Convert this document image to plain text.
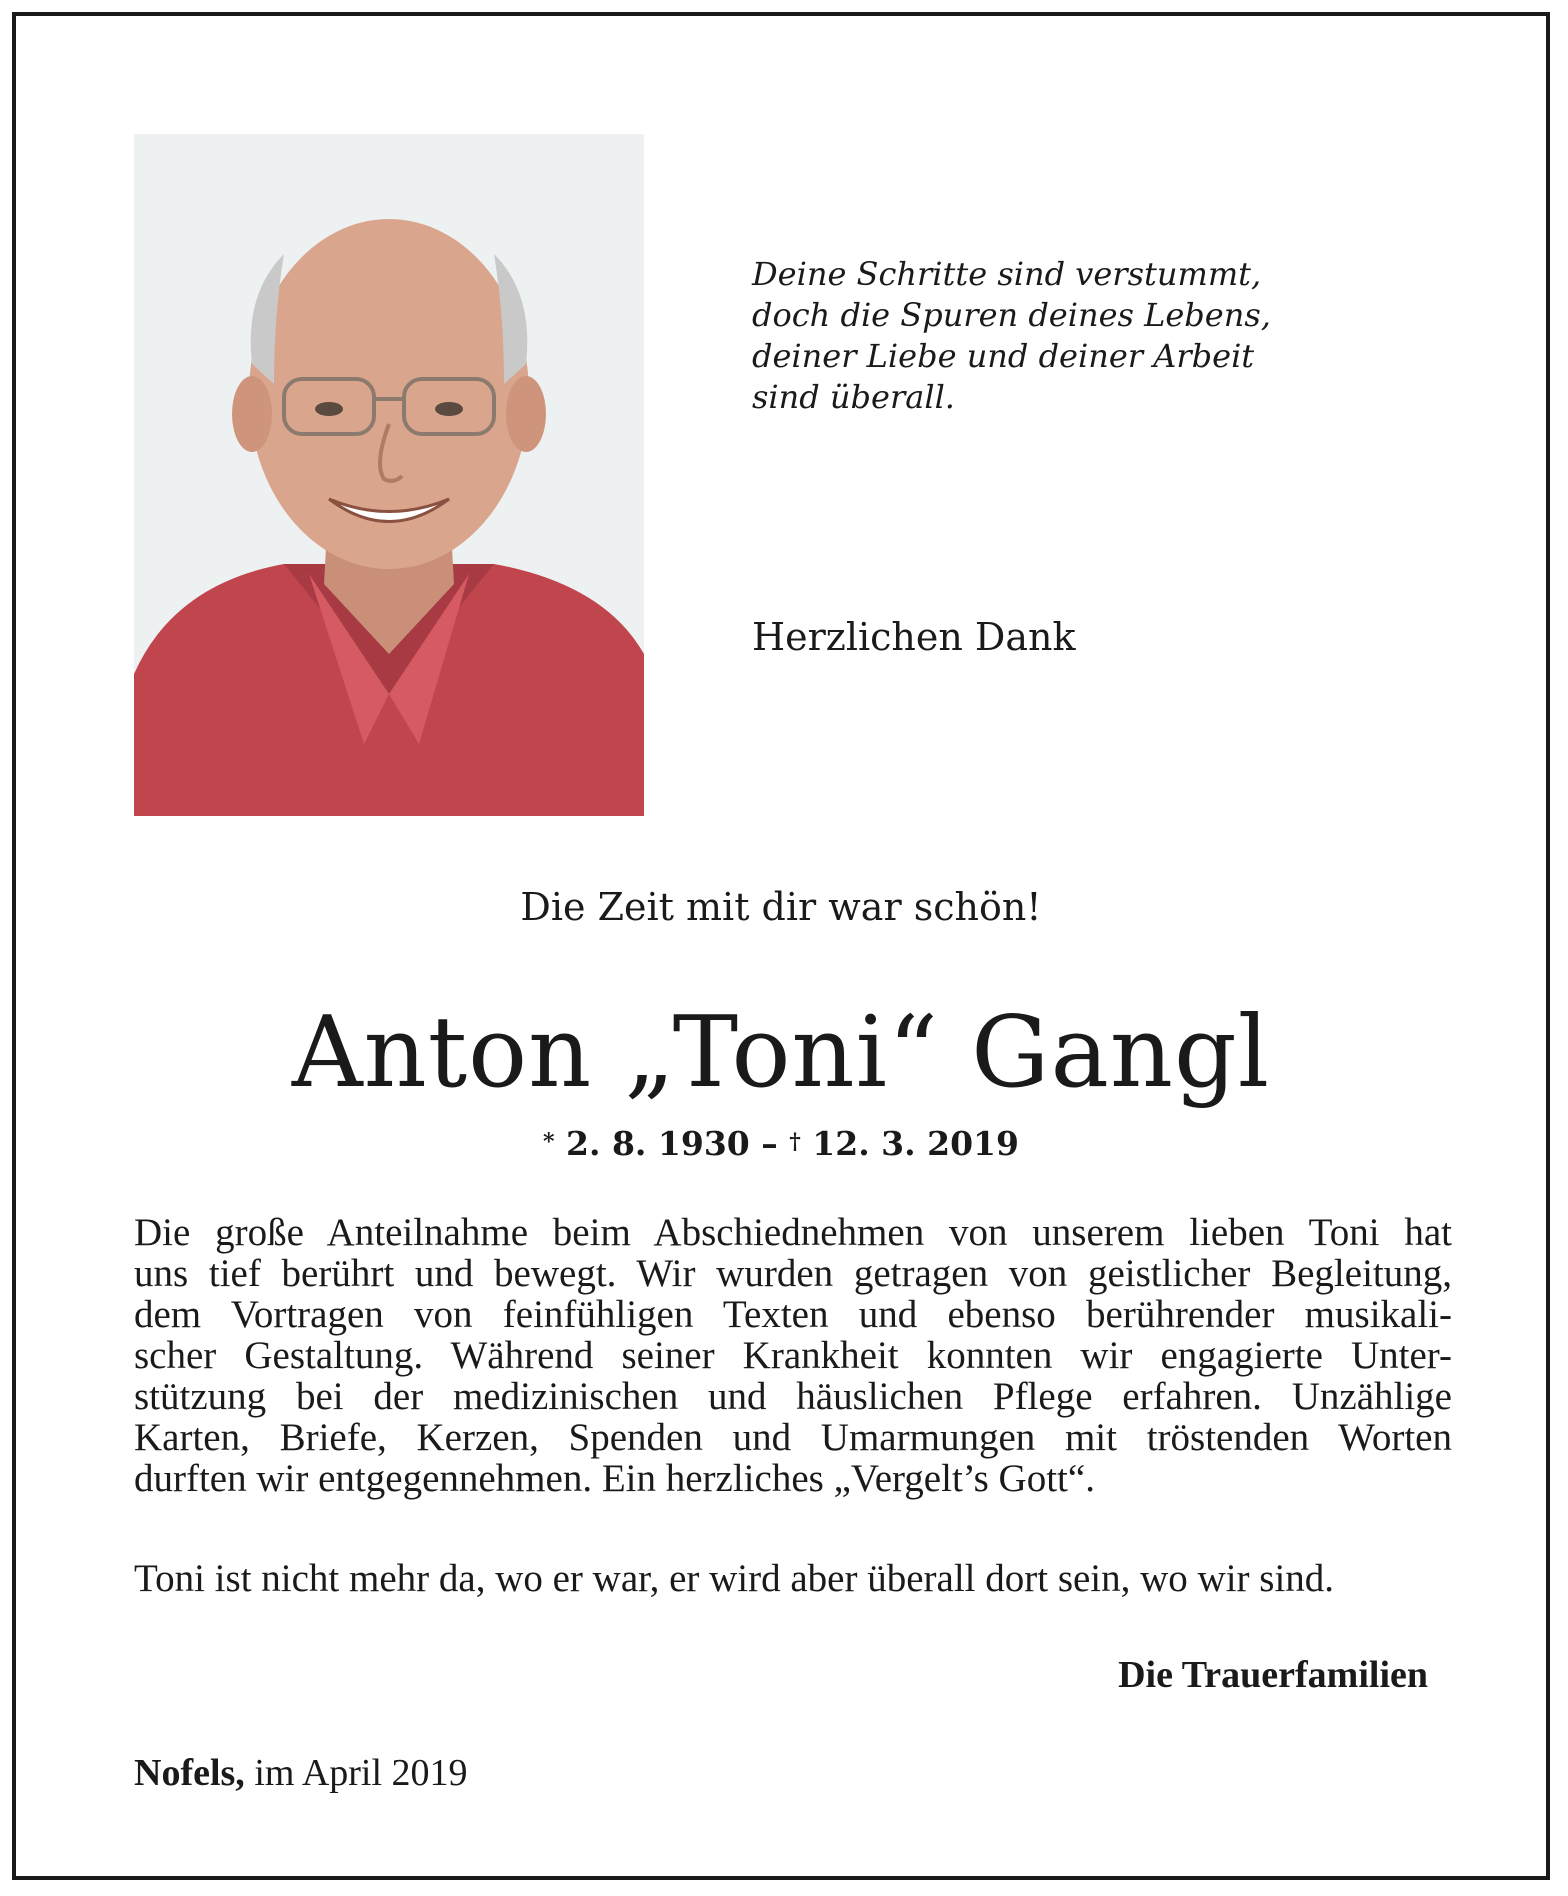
Deine Schritte sind verstummt,
doch die Spuren deines Lebens,
deiner Liebe und deiner Arbeit
sind überall.
Herzlichen Dank
Die Zeit mit dir war schön!
Anton „Toni“ Gangl
* 2. 8. 1930 – † 12. 3. 2019
Die große Anteilnahme beim Abschiednehmen von unserem lieben Toni hat
uns tief berührt und bewegt. Wir wurden getragen von geistlicher Begleitung,
dem Vortragen von feinfühligen Texten und ebenso berührender musikali-
scher Gestaltung. Während seiner Krankheit konnten wir engagierte Unter-
stützung bei der medizinischen und häuslichen Pflege erfahren. Unzählige
Karten, Briefe, Kerzen, Spenden und Umarmungen mit tröstenden Worten
durften wir entgegennehmen. Ein herzliches „Vergelt’s Gott“.
Toni ist nicht mehr da, wo er war, er wird aber überall dort sein, wo wir sind.
Die Trauerfamilien
Nofels, im April 2019
